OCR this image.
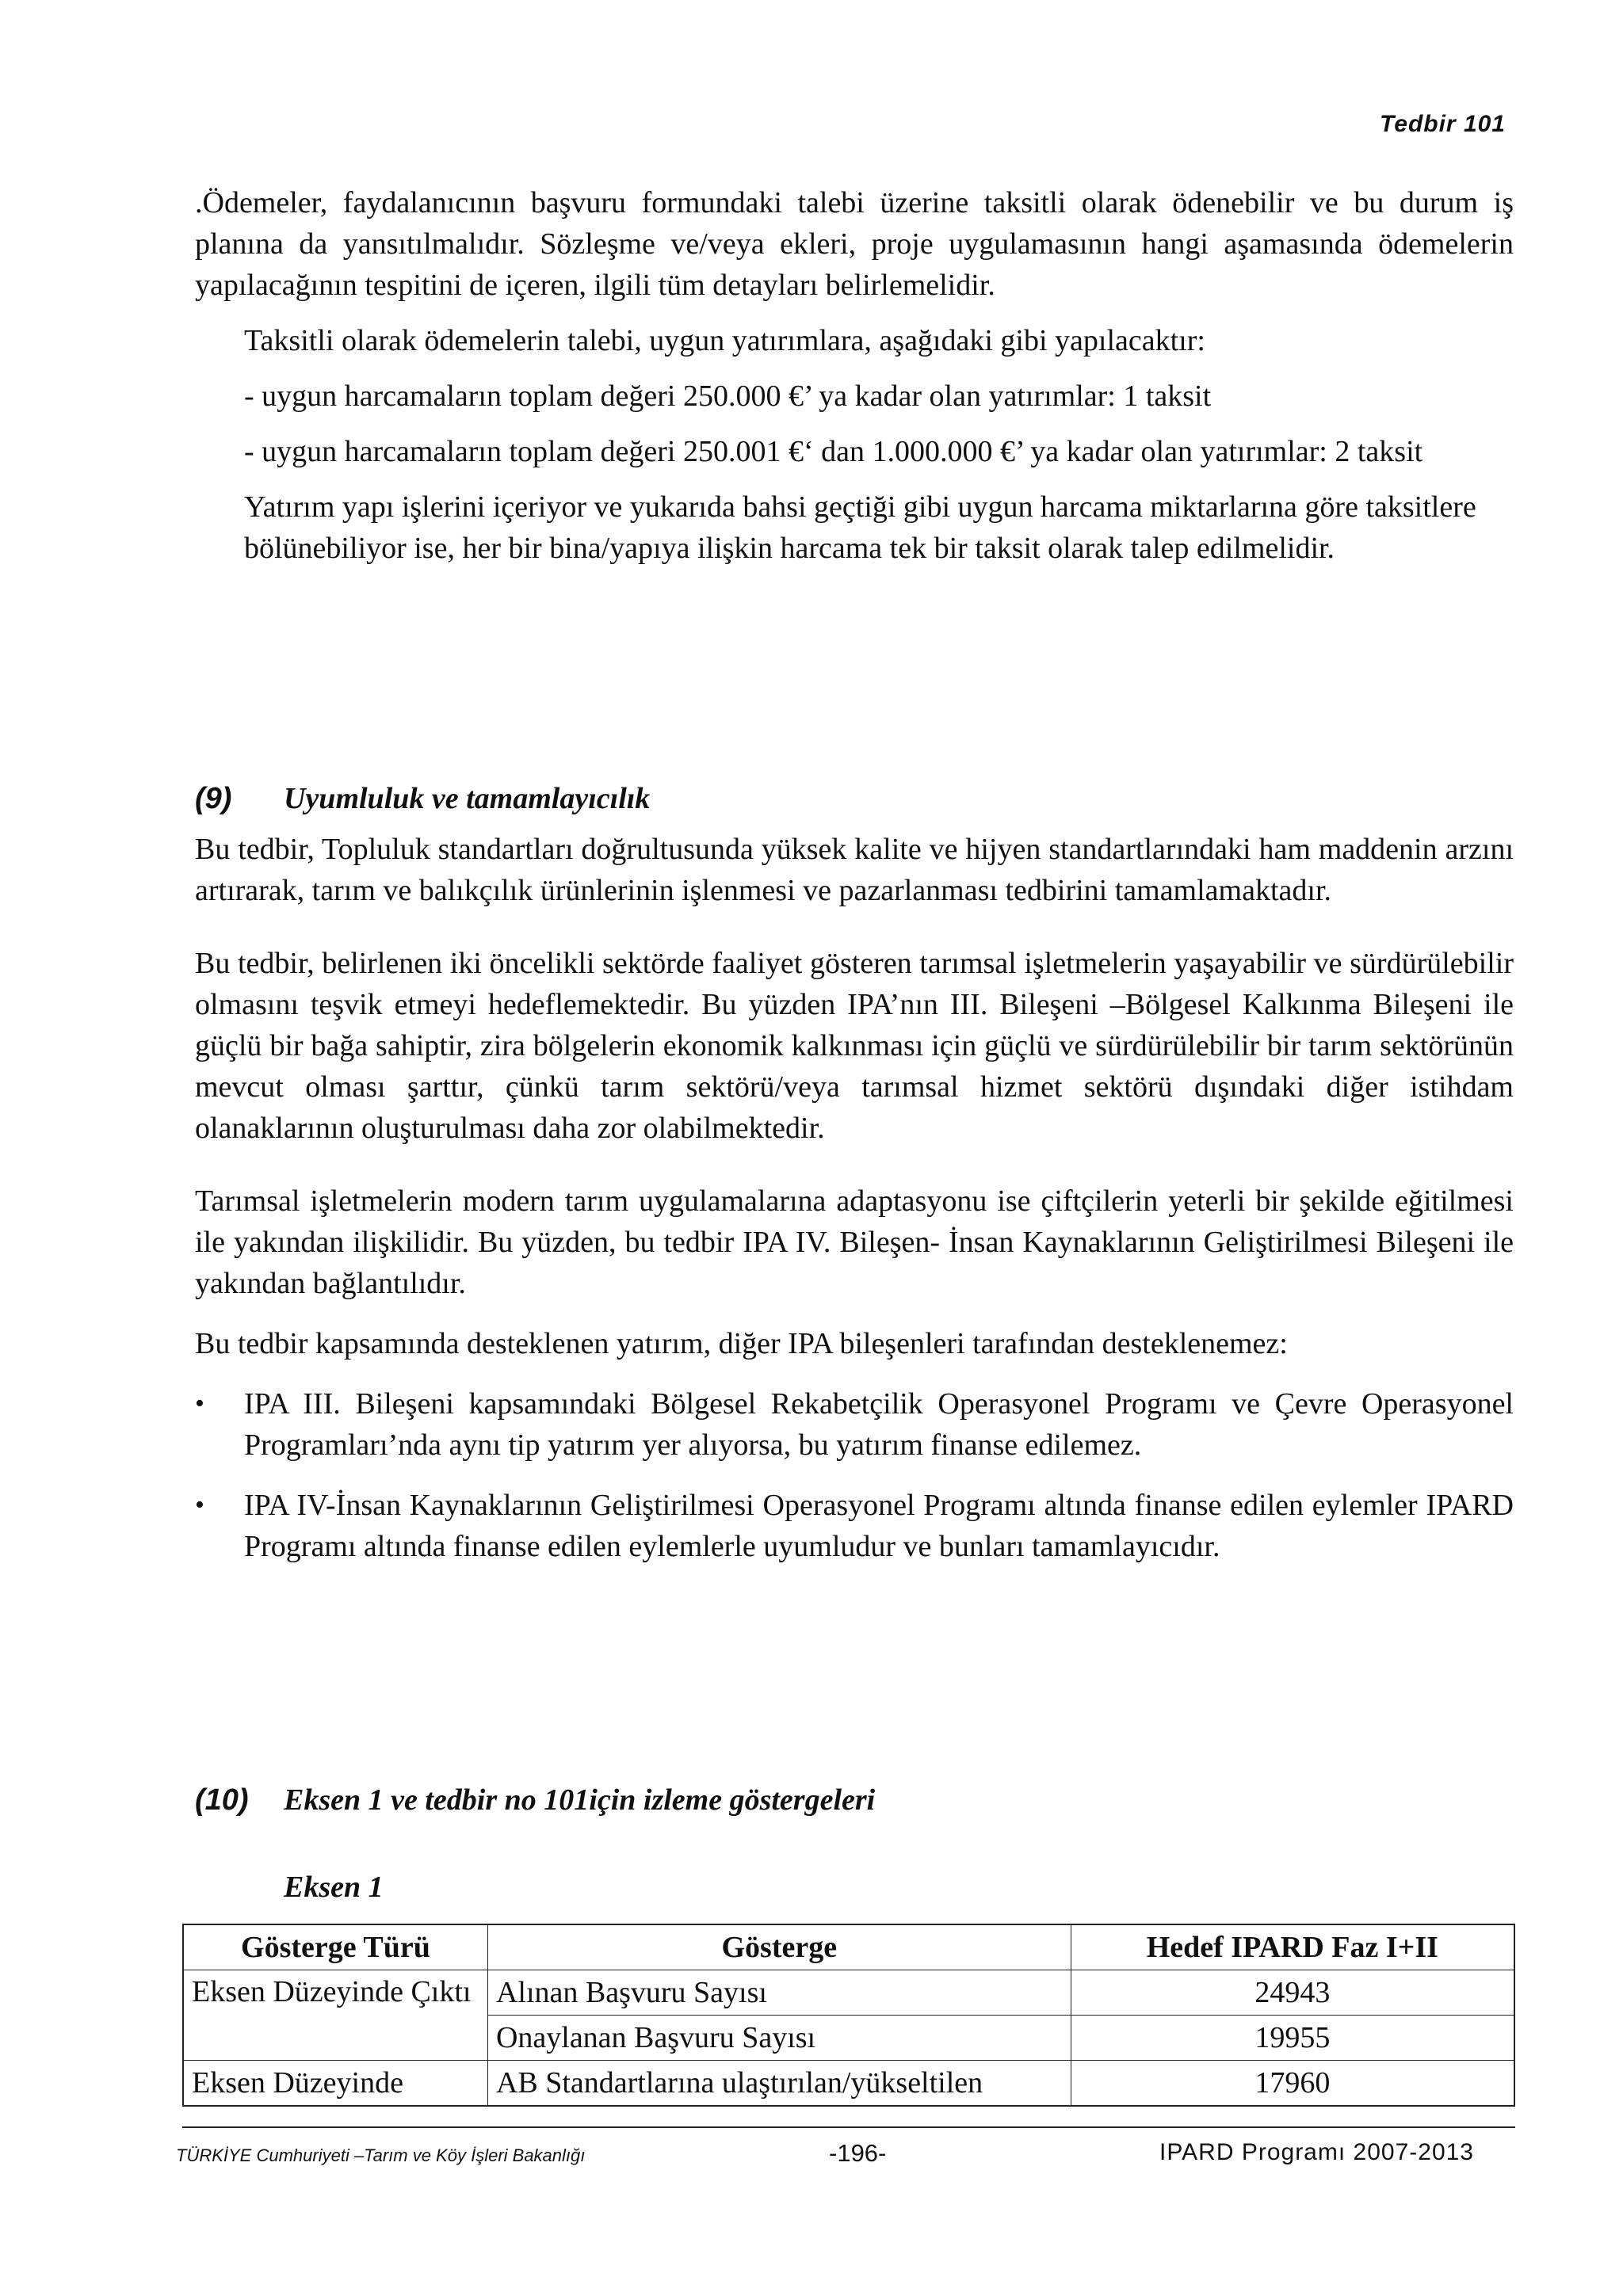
Tedbir 101

.Ödemeler, faydalanıcının başvuru formundaki talebi üzerine taksitli olarak ödenebilir ve bu durum iş planına da yansıtılmalıdır. Sözleşme ve/veya ekleri, proje uygulamasının hangi aşamasında ödemelerin yapılacağının tespitini de içeren, ilgili tüm detayları belirlemelidir.

Taksitli olarak ödemelerin talebi, uygun yatırımlara, aşağıdaki gibi yapılacaktır:

- uygun harcamaların toplam değeri 250.000 €’ ya kadar olan yatırımlar: 1 taksit

- uygun harcamaların toplam değeri 250.001 €‘ dan 1.000.000 €’ ya kadar olan yatırımlar: 2 taksit

Yatırım yapı işlerini içeriyor ve yukarıda bahsi geçtiği gibi uygun harcama miktarlarına göre taksitlere bölünebiliyor ise, her bir bina/yapıya ilişkin harcama tek bir taksit olarak talep edilmelidir.

(9) Uyumluluk ve tamamlayıcılık

Bu tedbir, Topluluk standartları doğrultusunda yüksek kalite ve hijyen standartlarındaki ham maddenin arzını artırarak, tarım ve balıkçılık ürünlerinin işlenmesi ve pazarlanması tedbirini tamamlamaktadır.

Bu tedbir, belirlenen iki öncelikli sektörde faaliyet gösteren tarımsal işletmelerin yaşayabilir ve sürdürülebilir olmasını teşvik etmeyi hedeflemektedir. Bu yüzden IPA’nın III. Bileşeni –Bölgesel Kalkınma Bileşeni ile güçlü bir bağa sahiptir, zira bölgelerin ekonomik kalkınması için güçlü ve sürdürülebilir bir tarım sektörünün mevcut olması şarttır, çünkü tarım sektörü/veya tarımsal hizmet sektörü dışındaki diğer istihdam olanaklarının oluşturulması daha zor olabilmektedir.

Tarımsal işletmelerin modern tarım uygulamalarına adaptasyonu ise çiftçilerin yeterli bir şekilde eğitilmesi ile yakından ilişkilidir. Bu yüzden, bu tedbir IPA IV. Bileşen- İnsan Kaynaklarının Geliştirilmesi Bileşeni ile yakından bağlantılıdır.

Bu tedbir kapsamında desteklenen yatırım, diğer IPA bileşenleri tarafından desteklenemez:

• IPA III. Bileşeni kapsamındaki Bölgesel Rekabetçilik Operasyonel Programı ve Çevre Operasyonel Programları’nda aynı tip yatırım yer alıyorsa, bu yatırım finanse edilemez.
• IPA IV-İnsan Kaynaklarının Geliştirilmesi Operasyonel Programı altında finanse edilen eylemler IPARD Programı altında finanse edilen eylemlerle uyumludur ve bunları tamamlayıcıdır.
(10) Eksen 1 ve tedbir no 101için izleme göstergeleri
Eksen 1
Gösterge Türü	Gösterge	Hedef IPARD Faz I+II
Eksen Düzeyinde Çıktı	Alınan Başvuru Sayısı	24943
	Onaylanan Başvuru Sayısı	19955
Eksen Düzeyinde	AB Standartlarına ulaştırılan/yükseltilen	17960
TÜRKİYE Cumhuriyeti –Tarım ve Köy İşleri Bakanlığı	-196-	IPARD Programı 2007-2013
